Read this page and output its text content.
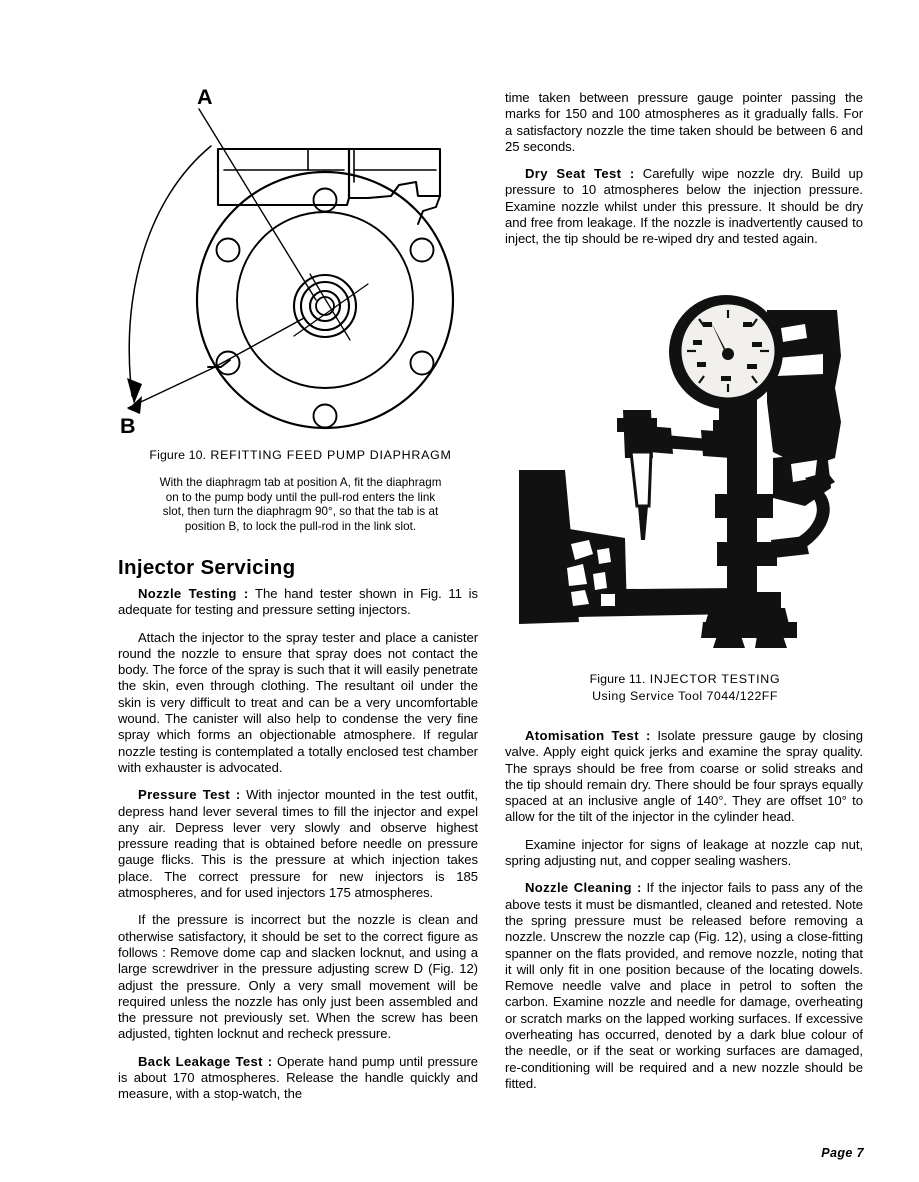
A
B

Figure 10. REFITTING FEED PUMP DIAPHRAGM

With the diaphragm tab at position A, fit the diaphragm
on to the pump body until the pull-rod enters the link
slot, then turn the diaphragm 90°, so that the tab is at
position B, to lock the pull-rod in the link slot.

Injector Servicing

Nozzle Testing : The hand tester shown in Fig. 11 is adequate for testing and pressure setting injectors.

Attach the injector to the spray tester and place a canister round the nozzle to ensure that spray does not contact the body. The force of the spray is such that it will easily penetrate the skin, even through clothing. The resultant oil under the skin is very difficult to treat and can be a very uncomfortable wound. The canister will also help to condense the very fine spray which forms an objectionable atmosphere. If regular nozzle testing is contemplated a totally enclosed test chamber with exhauster is advocated.

Pressure Test : With injector mounted in the test outfit, depress hand lever several times to fill the injector and expel any air. Depress lever very slowly and observe highest pressure reading that is obtained before needle on pressure gauge flicks. This is the pressure at which injection takes place. The correct pressure for new injectors is 185 atmospheres, and for used injectors 175 atmospheres.

If the pressure is incorrect but the nozzle is clean and otherwise satisfactory, it should be set to the correct figure as follows : Remove dome cap and slacken locknut, and using a large screwdriver in the pressure adjusting screw D (Fig. 12) adjust the pressure. Only a very small movement will be required unless the nozzle has only just been assembled and the pressure not previously set. When the screw has been adjusted, tighten locknut and recheck pressure.

Back Leakage Test : Operate hand pump until pressure is about 170 atmospheres. Release the handle quickly and measure, with a stop-watch, the

time taken between pressure gauge pointer passing the marks for 150 and 100 atmospheres as it gradually falls. For a satisfactory nozzle the time taken should be between 6 and 25 seconds.

Dry Seat Test : Carefully wipe nozzle dry. Build up pressure to 10 atmospheres below the injection pressure. Examine nozzle whilst under this pressure. It should be dry and free from leakage. If the nozzle is inadvertently caused to inject, the tip should be re-wiped dry and tested again.

Figure 11. INJECTOR TESTING

Using Service Tool 7044/122FF

Atomisation Test : Isolate pressure gauge by closing valve. Apply eight quick jerks and examine the spray quality. The sprays should be free from coarse or solid streaks and the tip should remain dry. There should be four sprays equally spaced at an inclusive angle of 140°. They are offset 10° to allow for the tilt of the injector in the cylinder head.

Examine injector for signs of leakage at nozzle cap nut, spring adjusting nut, and copper sealing washers.

Nozzle Cleaning : If the injector fails to pass any of the above tests it must be dismantled, cleaned and retested. Note the spring pressure must be released before removing a nozzle. Unscrew the nozzle cap (Fig. 12), using a close-fitting spanner on the flats provided, and remove nozzle, noting that it will only fit in one position because of the locating dowels. Remove needle valve and place in petrol to soften the carbon. Examine nozzle and needle for damage, overheating or scratch marks on the lapped working surfaces. If excessive overheating has occurred, denoted by a dark blue colour of the needle, or if the seat or working surfaces are damaged, re-conditioning will be required and a new nozzle should be fitted.

Page 7
